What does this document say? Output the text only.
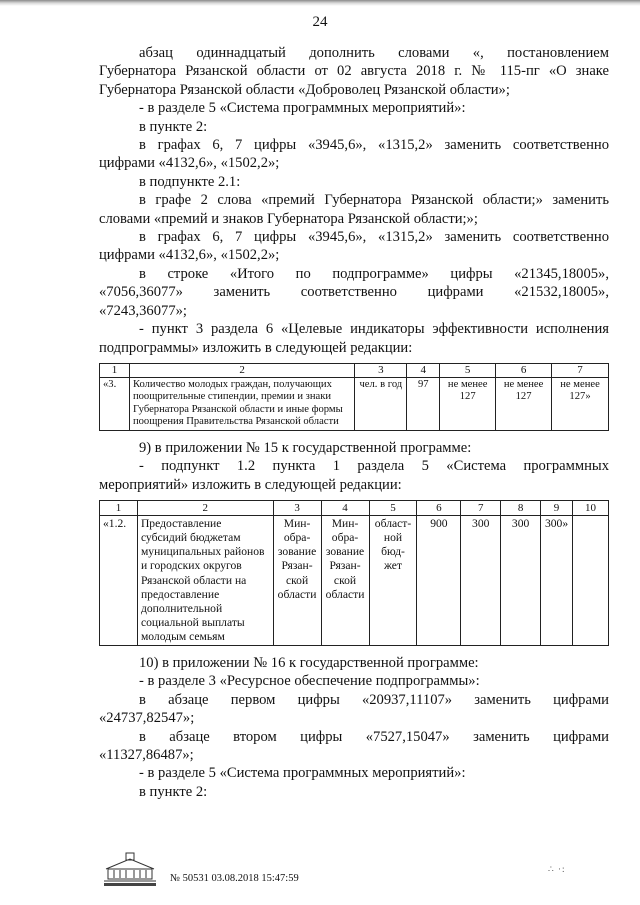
24
абзац одиннадцатый дополнить словами «, постановлением
Губернатора Рязанской области от 02 августа 2018 г. № 115-пг «О знаке
Губернатора Рязанской области «Доброволец Рязанской области»;
- в разделе 5 «Система программных мероприятий»:
в пункте 2:
в графах 6, 7 цифры «3945,6», «1315,2» заменить соответственно
цифрами «4132,6», «1502,2»;
в подпункте 2.1:
в графе 2 слова «премий Губернатора Рязанской области;» заменить
словами «премий и знаков Губернатора Рязанской области;»;
в графах 6, 7 цифры «3945,6», «1315,2» заменить соответственно
цифрами «4132,6», «1502,2»;
в строке «Итого по подпрограмме» цифры «21345,18005»,
«7056,36077» заменить соответственно цифрами «21532,18005»,
«7243,36077»;
- пункт 3 раздела 6 «Целевые индикаторы эффективности исполнения
подпрограммы» изложить в следующей редакции:
1	2	3	4	5	6	7
«3.	Количество молодых граждан, получающих поощрительные стипендии, премии и знаки Губернатора Рязанской области и иные формы поощрения Правительства Рязанской области	чел. в год	97	не менее 127	не менее 127	не менее 127»
9) в приложении № 15 к государственной программе:
- подпункт 1.2 пункта 1 раздела 5 «Система программных
мероприятий» изложить в следующей редакции:
1	2	3	4	5	6	7	8	9	10
«1.2.	Предоставление субсидий бюджетам муниципальных районов и городских округов Рязанской области на предоставление дополнительной социальной выплаты молодым семьям	Мин-обра-зование Рязан-ской области	Мин-обра-зование Рязан-ской области	област-ной бюд-жет	900	300	300	300»	
10) в приложении № 16 к государственной программе:
- в разделе 3 «Ресурсное обеспечение подпрограммы»:
в абзаце первом цифры «20937,11107» заменить цифрами
«24737,82547»;
в абзаце втором цифры «7527,15047» заменить цифрами
«11327,86487»;
- в разделе 5 «Система программных мероприятий»:
в пункте 2:
№ 50531 03.08.2018 15:47:59
∴ ·:
